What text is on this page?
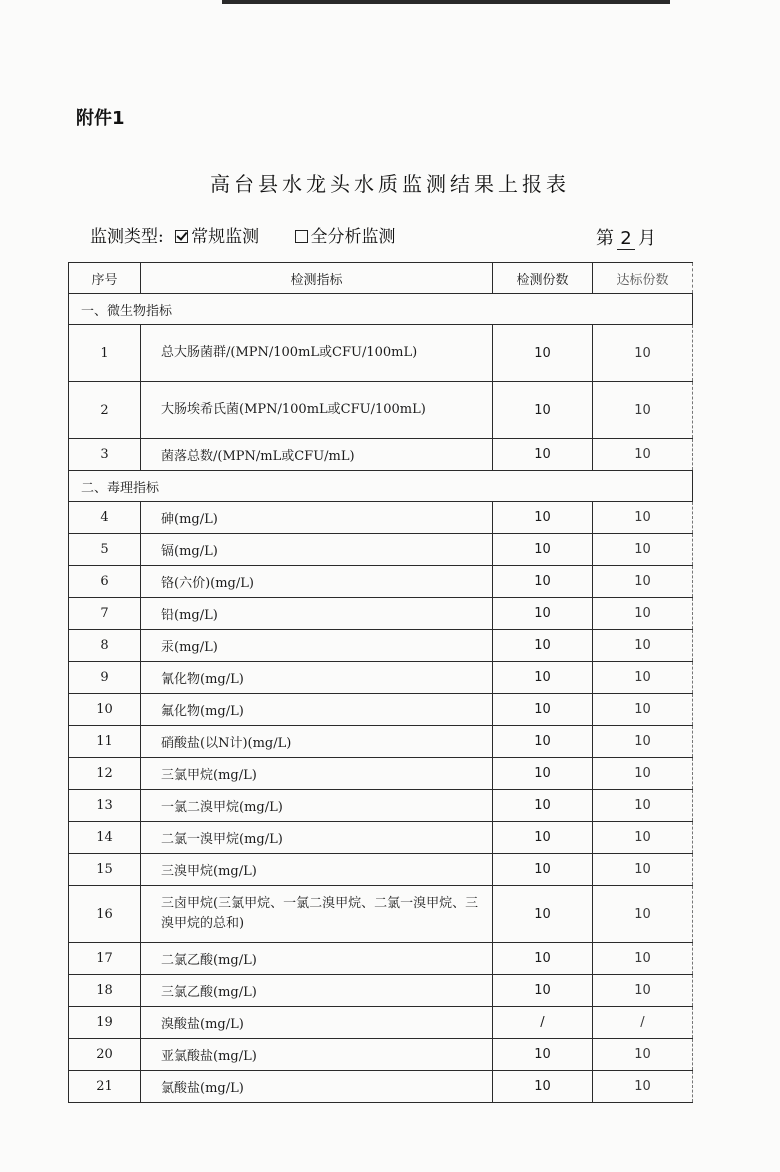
附件1
高台县水龙头水质监测结果上报表
监测类型: 常规监测	全分析监测	第 2 月
序号	检测指标	检测份数	达标份数
一、微生物指标			
1	总大肠菌群/(MPN/100mL或CFU/100mL)	10	10
2	大肠埃希氏菌(MPN/100mL或CFU/100mL)	10	10
3	菌落总数/(MPN/mL或CFU/mL)	10	10
二、毒理指标			
4	砷(mg/L)	10	10
5	镉(mg/L)	10	10
6	铬(六价)(mg/L)	10	10
7	铅(mg/L)	10	10
8	汞(mg/L)	10	10
9	氰化物(mg/L)	10	10
10	氟化物(mg/L)	10	10
11	硝酸盐(以N计)(mg/L)	10	10
12	三氯甲烷(mg/L)	10	10
13	一氯二溴甲烷(mg/L)	10	10
14	二氯一溴甲烷(mg/L)	10	10
15	三溴甲烷(mg/L)	10	10
16	三卤甲烷(三氯甲烷、一氯二溴甲烷、二氯一溴甲烷、三溴甲烷的总和)	10	10
17	二氯乙酸(mg/L)	10	10
18	三氯乙酸(mg/L)	10	10
19	溴酸盐(mg/L)	/	/
20	亚氯酸盐(mg/L)	10	10
21	氯酸盐(mg/L)	10	10
